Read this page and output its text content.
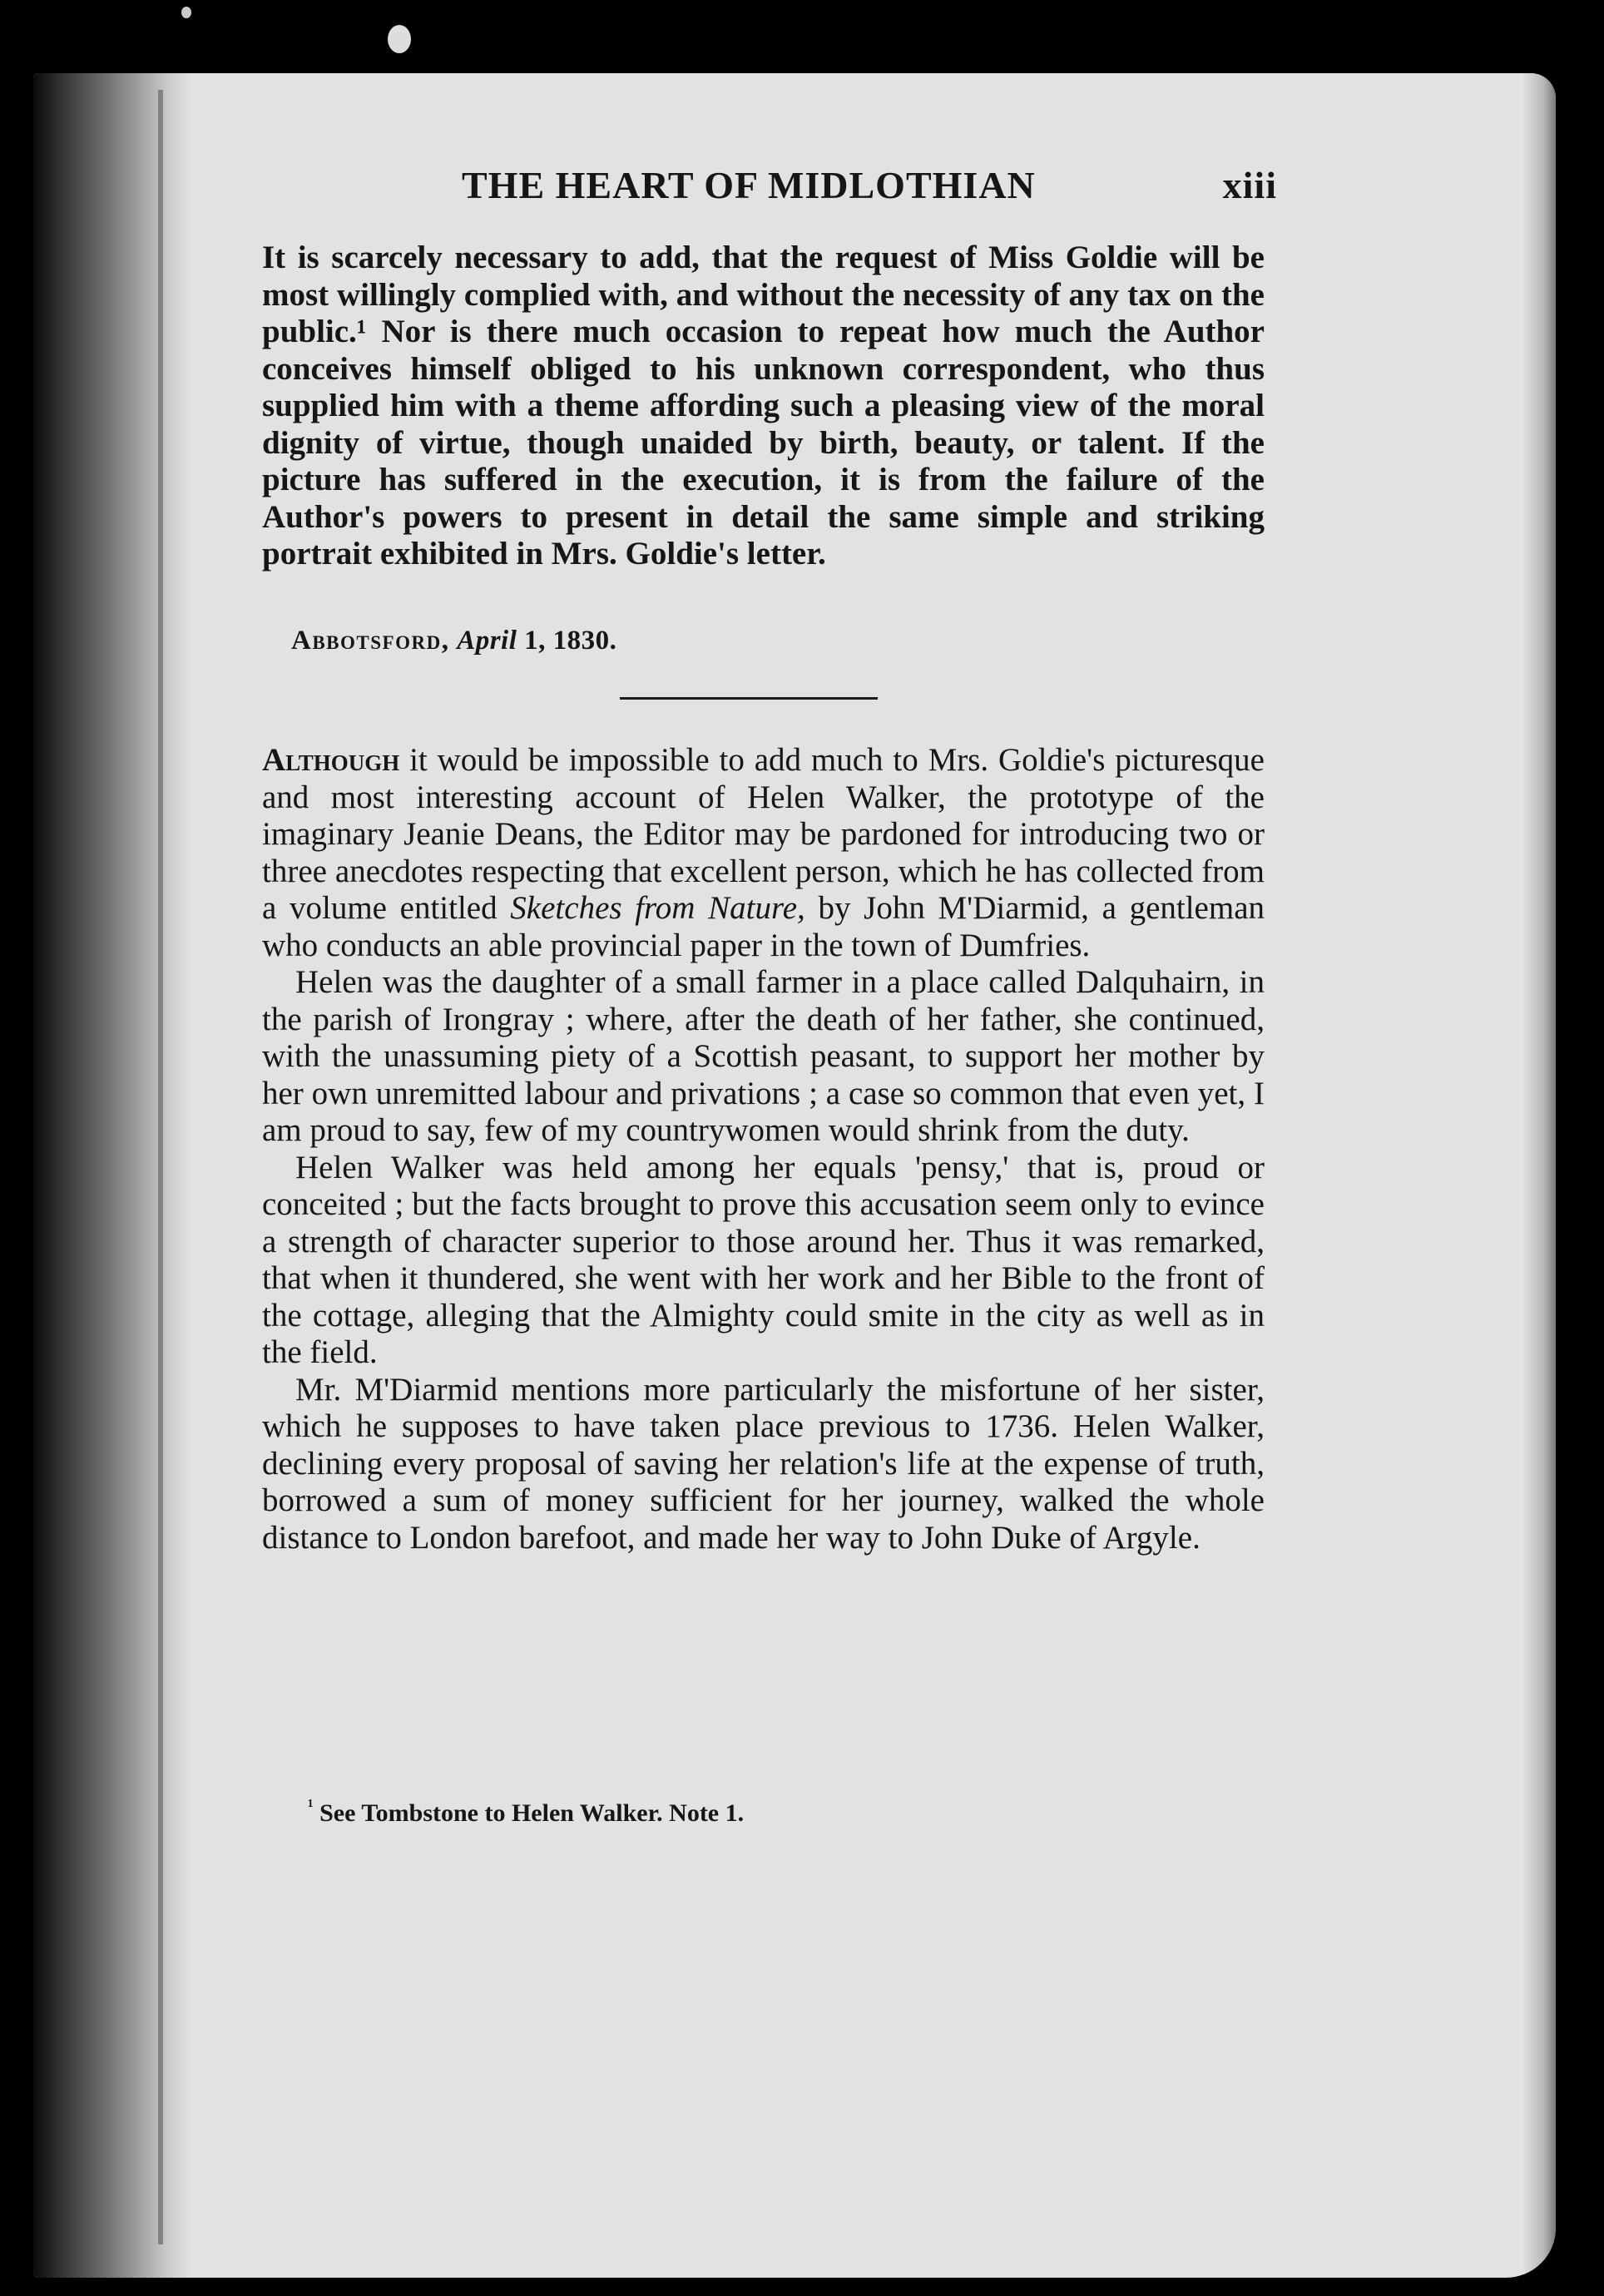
THE HEART OF MIDLOTHIAN	xiii
It is scarcely necessary to add, that the request of Miss Goldie will be most willingly complied with, and without the necessity of any tax on the public.¹ Nor is there much occasion to repeat how much the Author conceives himself obliged to his unknown correspondent, who thus supplied him with a theme affording such a pleasing view of the moral dignity of virtue, though unaided by birth, beauty, or talent. If the picture has suffered in the execution, it is from the failure of the Author's powers to present in detail the same simple and striking portrait exhibited in Mrs. Goldie's letter.
Abbotsford, April 1, 1830.

Although it would be impossible to add much to Mrs. Goldie's picturesque and most interesting account of Helen Walker, the prototype of the imaginary Jeanie Deans, the Editor may be pardoned for introducing two or three anecdotes respecting that excellent person, which he has collected from a volume entitled Sketches from Nature, by John M'Diarmid, a gentleman who conducts an able provincial paper in the town of Dumfries.

Helen was the daughter of a small farmer in a place called Dalquhairn, in the parish of Irongray ; where, after the death of her father, she continued, with the unassuming piety of a Scottish peasant, to support her mother by her own unremitted labour and privations ; a case so common that even yet, I am proud to say, few of my countrywomen would shrink from the duty.

Helen Walker was held among her equals 'pensy,' that is, proud or conceited ; but the facts brought to prove this accusation seem only to evince a strength of character superior to those around her. Thus it was remarked, that when it thundered, she went with her work and her Bible to the front of the cottage, alleging that the Almighty could smite in the city as well as in the field.

Mr. M'Diarmid mentions more particularly the misfortune of her sister, which he supposes to have taken place previous to 1736. Helen Walker, declining every proposal of saving her relation's life at the expense of truth, borrowed a sum of money sufficient for her journey, walked the whole distance to London barefoot, and made her way to John Duke of Argyle.

$^{^1}$ See Tombstone to Helen Walker. Note 1.
